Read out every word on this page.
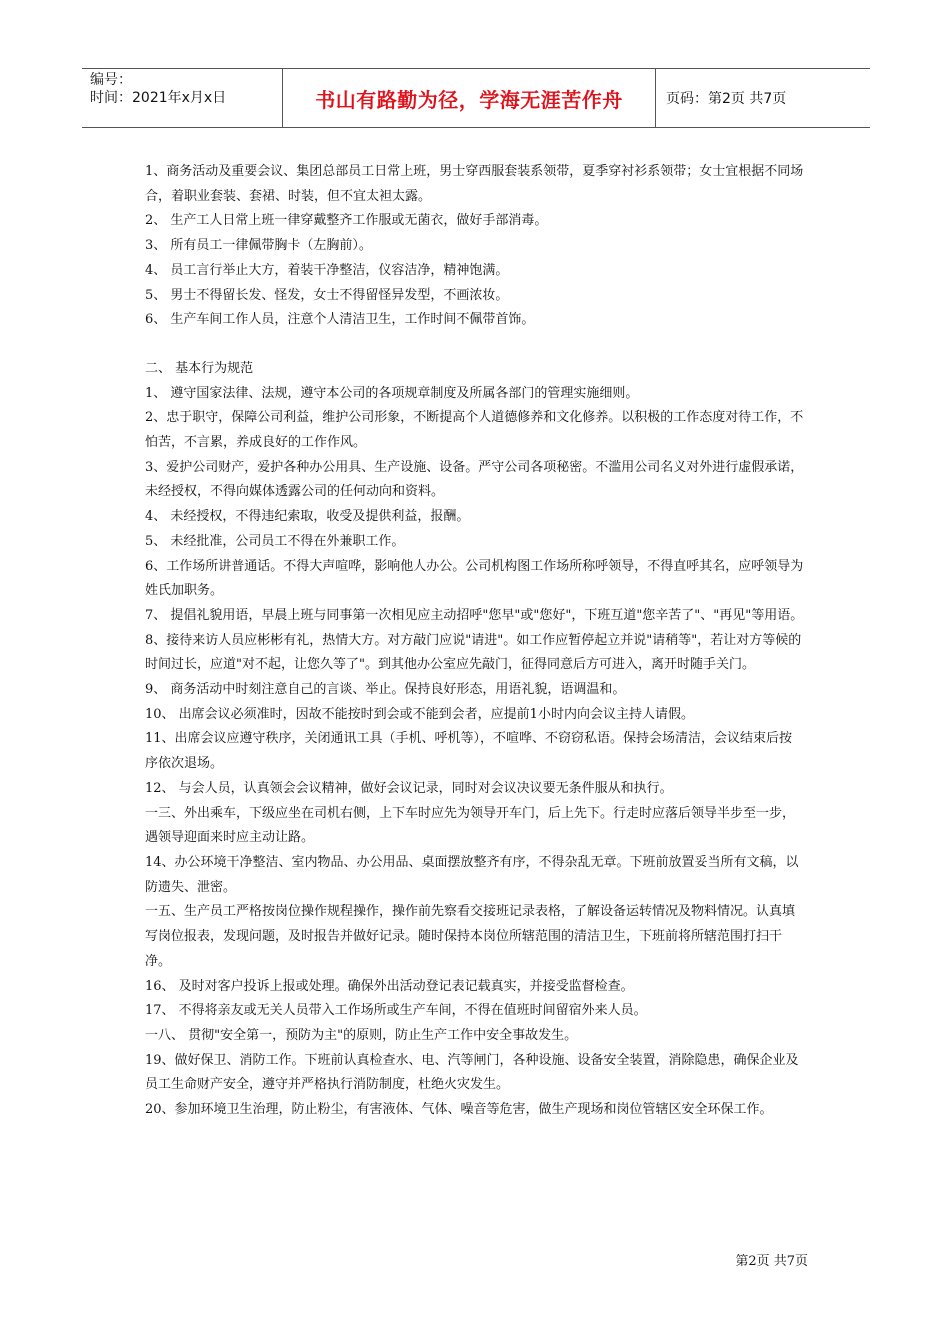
编号：
时间：2021年x月x日	书山有路勤为径，学海无涯苦作舟	页码：第2页 共7页

1、商务活动及重要会议、集团总部员工日常上班，男士穿西服套装系领带，夏季穿衬衫系领带；女士宜根据不同场合，着职业套装、套裙、时装，但不宜太袒太露。

2、 生产工人日常上班一律穿戴整齐工作服或无菌衣，做好手部消毒。

3、 所有员工一律佩带胸卡（左胸前）。

4、 员工言行举止大方，着装干净整洁，仪容洁净，精神饱满。

5、 男士不得留长发、怪发，女士不得留怪异发型，不画浓妆。

6、 生产车间工作人员，注意个人清洁卫生，工作时间不佩带首饰。

二、 基本行为规范

1、 遵守国家法律、法规，遵守本公司的各项规章制度及所属各部门的管理实施细则。

2、忠于职守，保障公司利益，维护公司形象，不断提高个人道德修养和文化修养。以积极的工作态度对待工作，不怕苦，不言累，养成良好的工作作风。

3、爱护公司财产，爱护各种办公用具、生产设施、设备。严守公司各项秘密。不滥用公司名义对外进行虚假承诺，未经授权，不得向媒体透露公司的任何动向和资料。

4、 未经授权，不得违纪索取，收受及提供利益，报酬。

5、 未经批准，公司员工不得在外兼职工作。

6、工作场所讲普通话。不得大声喧哗，影响他人办公。公司机构图工作场所称呼领导，不得直呼其名，应呼领导为姓氏加职务。

7、 提倡礼貌用语，早晨上班与同事第一次相见应主动招呼"您早"或"您好"，下班互道"您辛苦了"、"再见"等用语。

8、接待来访人员应彬彬有礼，热情大方。对方敲门应说"请进"。如工作应暂停起立并说"请稍等"，若让对方等候的时间过长，应道"对不起，让您久等了"。到其他办公室应先敲门，征得同意后方可进入，离开时随手关门。

9、 商务活动中时刻注意自己的言谈、举止。保持良好形态，用语礼貌，语调温和。

10、 出席会议必须准时，因故不能按时到会或不能到会者，应提前1小时内向会议主持人请假。

11、出席会议应遵守秩序，关闭通讯工具（手机、呼机等），不喧哗、不窃窃私语。保持会场清洁，会议结束后按序依次退场。

12、 与会人员，认真领会会议精神，做好会议记录，同时对会议决议要无条件服从和执行。

一三、外出乘车，下级应坐在司机右侧，上下车时应先为领导开车门，后上先下。行走时应落后领导半步至一步，遇领导迎面来时应主动让路。

14、办公环境干净整洁、室内物品、办公用品、桌面摆放整齐有序，不得杂乱无章。下班前放置妥当所有文稿，以防遗失、泄密。

一五、生产员工严格按岗位操作规程操作，操作前先察看交接班记录表格，了解设备运转情况及物料情况。认真填写岗位报表，发现问题，及时报告并做好记录。随时保持本岗位所辖范围的清洁卫生，下班前将所辖范围打扫干净。

16、 及时对客户投诉上报或处理。确保外出活动登记表记载真实，并接受监督检查。

17、 不得将亲友或无关人员带入工作场所或生产车间，不得在值班时间留宿外来人员。

一八、 贯彻"安全第一，预防为主"的原则，防止生产工作中安全事故发生。

19、做好保卫、消防工作。下班前认真检查水、电、汽等闸门，各种设施、设备安全装置，消除隐患，确保企业及员工生命财产安全，遵守并严格执行消防制度，杜绝火灾发生。

20、参加环境卫生治理，防止粉尘，有害液体、气体、噪音等危害，做生产现场和岗位管辖区安全环保工作。

第2页 共7页
